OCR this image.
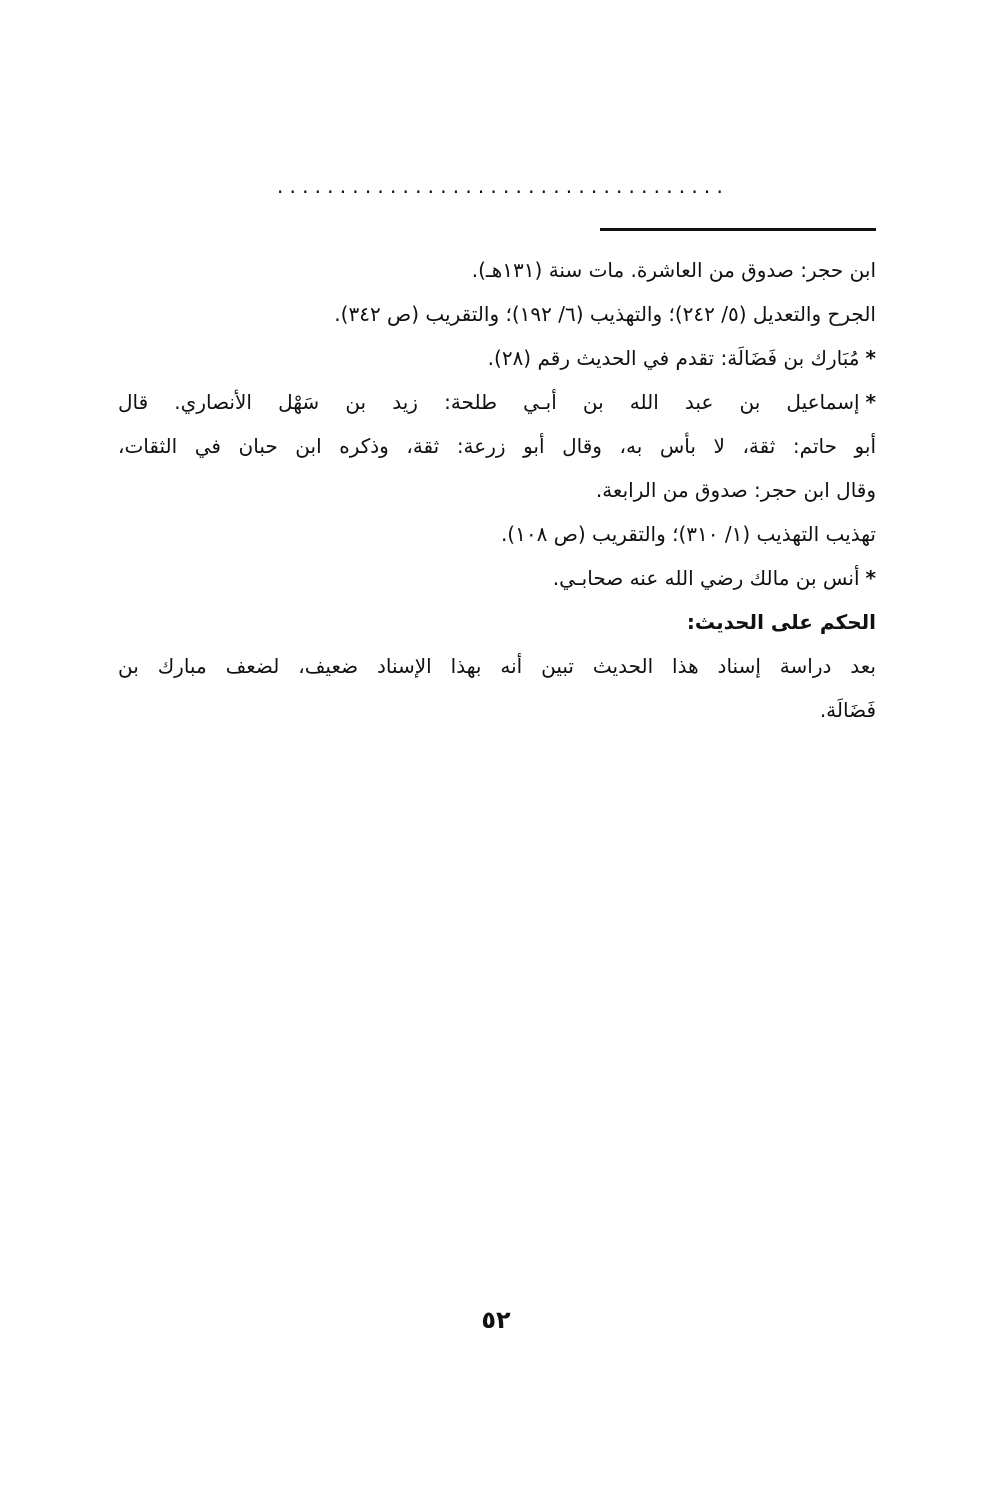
....................................
ابن حجر: صدوق من العاشرة. مات سنة (١٣١هـ).
الجرح والتعديل (٥/ ٢٤٢)؛ والتهذيب (٦/ ١٩٢)؛ والتقريب (ص ٣٤٢).
*مُبَارك بن فَضَالَة: تقدم في الحديث رقم (٢٨).
*إسماعيل بن عبد الله بن أبـي طلحة: زيد بن سَهْل الأنصاري. قال
أبو حاتم: ثقة، لا بأس به، وقال أبو زرعة: ثقة، وذكره ابن حبان في الثقات،
وقال ابن حجر: صدوق من الرابعة.
تهذيب التهذيب (١/ ٣١٠)؛ والتقريب (ص ١٠٨).
*أنس بن مالك رضي الله عنه صحابـي.
الحكم على الحديث:
بعد دراسة إسناد هذا الحديث تبين أنه بهذا الإسناد ضعيف، لضعف مبارك بن
فَضَالَة.
٥٢
